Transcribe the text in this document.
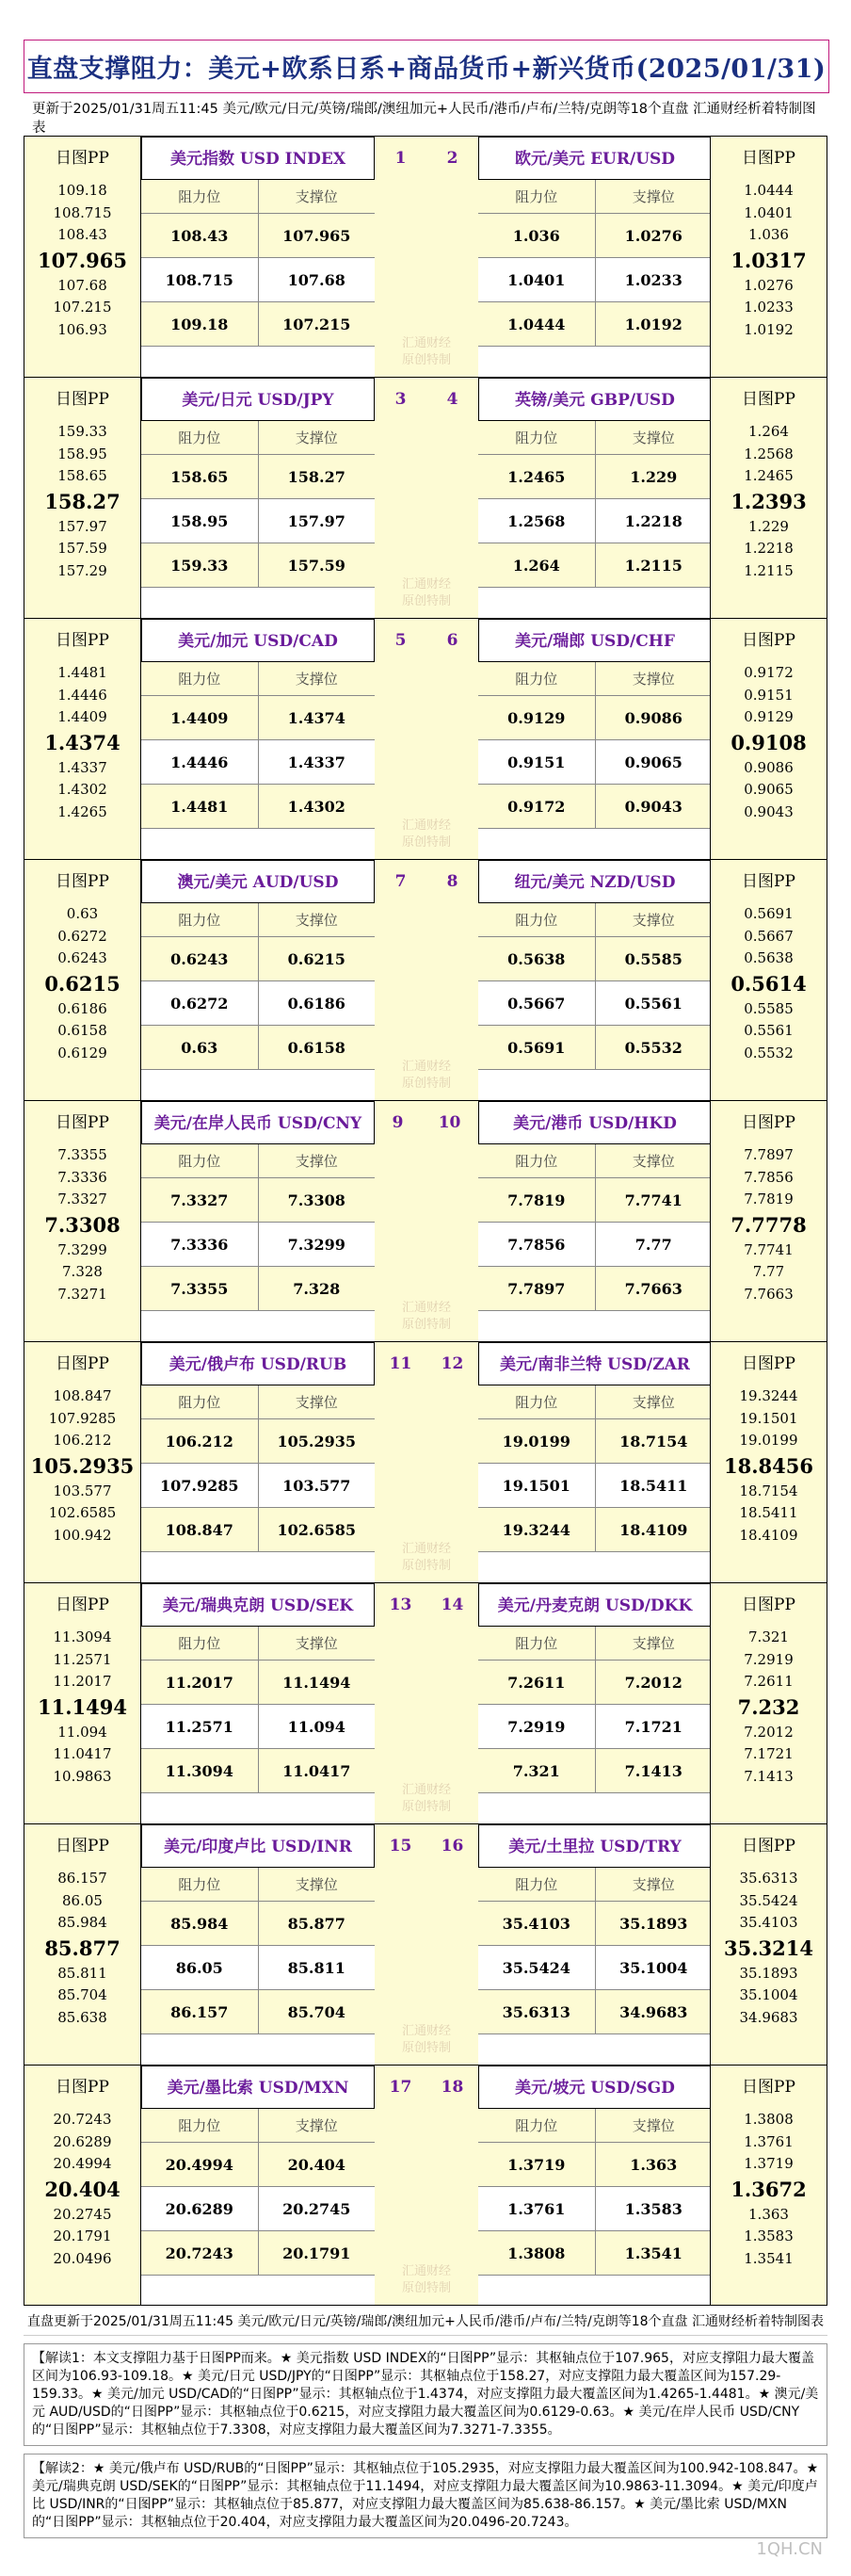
直盘支撑阻力：美元+欧系日系+商品货币+新兴货币(2025/01/31)
更新于2025/01/31周五11:45 美元/欧元/日元/英镑/瑞郎/澳纽加元+人民币/港币/卢布/兰特/克朗等18个直盘 汇通财经析着特制图表
日图PP
109.18
108.715
108.43
107.965
107.68
107.215
106.93
美元指数 USD INDEX
阻力位	支撑位
108.43	107.965
108.715	107.68
109.18	107.215
1	2
汇通财经
原创特制
欧元/美元 EUR/USD
阻力位	支撑位
1.036	1.0276
1.0401	1.0233
1.0444	1.0192
日图PP
1.0444
1.0401
1.036
1.0317
1.0276
1.0233
1.0192
日图PP
159.33
158.95
158.65
158.27
157.97
157.59
157.29
美元/日元 USD/JPY
阻力位	支撑位
158.65	158.27
158.95	157.97
159.33	157.59
3	4
汇通财经
原创特制
英镑/美元 GBP/USD
阻力位	支撑位
1.2465	1.229
1.2568	1.2218
1.264	1.2115
日图PP
1.264
1.2568
1.2465
1.2393
1.229
1.2218
1.2115
日图PP
1.4481
1.4446
1.4409
1.4374
1.4337
1.4302
1.4265
美元/加元 USD/CAD
阻力位	支撑位
1.4409	1.4374
1.4446	1.4337
1.4481	1.4302
5	6
汇通财经
原创特制
美元/瑞郎 USD/CHF
阻力位	支撑位
0.9129	0.9086
0.9151	0.9065
0.9172	0.9043
日图PP
0.9172
0.9151
0.9129
0.9108
0.9086
0.9065
0.9043
日图PP
0.63
0.6272
0.6243
0.6215
0.6186
0.6158
0.6129
澳元/美元 AUD/USD
阻力位	支撑位
0.6243	0.6215
0.6272	0.6186
0.63	0.6158
7	8
汇通财经
原创特制
纽元/美元 NZD/USD
阻力位	支撑位
0.5638	0.5585
0.5667	0.5561
0.5691	0.5532
日图PP
0.5691
0.5667
0.5638
0.5614
0.5585
0.5561
0.5532
日图PP
7.3355
7.3336
7.3327
7.3308
7.3299
7.328
7.3271
美元/在岸人民币 USD/CNY
阻力位	支撑位
7.3327	7.3308
7.3336	7.3299
7.3355	7.328
9 10
汇通财经
原创特制
美元/港币 USD/HKD
阻力位	支撑位
7.7819	7.7741
7.7856	7.77
7.7897	7.7663
日图PP
7.7897
7.7856
7.7819
7.7778
7.7741
7.77
7.7663
日图PP
108.847
107.9285
106.212
105.2935
103.577
102.6585
100.942
美元/俄卢布 USD/RUB
阻力位	支撑位
106.212	105.2935
107.9285	103.577
108.847	102.6585
11 12
汇通财经
原创特制
美元/南非兰特 USD/ZAR
阻力位	支撑位
19.0199	18.7154
19.1501	18.5411
19.3244	18.4109
日图PP
19.3244
19.1501
19.0199
18.8456
18.7154
18.5411
18.4109
日图PP
11.3094
11.2571
11.2017
11.1494
11.094
11.0417
10.9863
美元/瑞典克朗 USD/SEK
阻力位	支撑位
11.2017	11.1494
11.2571	11.094
11.3094	11.0417
13 14
汇通财经
原创特制
美元/丹麦克朗 USD/DKK
阻力位	支撑位
7.2611	7.2012
7.2919	7.1721
7.321	7.1413
日图PP
7.321
7.2919
7.2611
7.232
7.2012
7.1721
7.1413
日图PP
86.157
86.05
85.984
85.877
85.811
85.704
85.638
美元/印度卢比 USD/INR
阻力位	支撑位
85.984	85.877
86.05	85.811
86.157	85.704
15 16
汇通财经
原创特制
美元/土里拉 USD/TRY
阻力位	支撑位
35.4103	35.1893
35.5424	35.1004
35.6313	34.9683
日图PP
35.6313
35.5424
35.4103
35.3214
35.1893
35.1004
34.9683
日图PP
20.7243
20.6289
20.4994
20.404
20.2745
20.1791
20.0496
美元/墨比索 USD/MXN
阻力位	支撑位
20.4994	20.404
20.6289	20.2745
20.7243	20.1791
17 18
汇通财经
原创特制
美元/坡元 USD/SGD
阻力位	支撑位
1.3719	1.363
1.3761	1.3583
1.3808	1.3541
日图PP
1.3808
1.3761
1.3719
1.3672
1.363
1.3583
1.3541
直盘更新于2025/01/31周五11:45 美元/欧元/日元/英镑/瑞郎/澳纽加元+人民币/港币/卢布/兰特/克朗等18个直盘 汇通财经析着特制图表
【解读1：本文支撑阻力基于日图PP而来。★ 美元指数 USD INDEX的“日图PP”显示：其枢轴点位于107.965，对应支撑阻力最大覆盖区间为106.93-109.18。★ 美元/日元 USD/JPY的“日图PP”显示：其枢轴点位于158.27，对应支撑阻力最大覆盖区间为157.29-159.33。★ 美元/加元 USD/CAD的“日图PP”显示：其枢轴点位于1.4374，对应支撑阻力最大覆盖区间为1.4265-1.4481。★ 澳元/美元 AUD/USD的“日图PP”显示：其枢轴点位于0.6215，对应支撑阻力最大覆盖区间为0.6129-0.63。★ 美元/在岸人民币 USD/CNY的“日图PP”显示：其枢轴点位于7.3308，对应支撑阻力最大覆盖区间为7.3271-7.3355。
【解读2：★ 美元/俄卢布 USD/RUB的“日图PP”显示：其枢轴点位于105.2935，对应支撑阻力最大覆盖区间为100.942-108.847。★ 美元/瑞典克朗 USD/SEK的“日图PP”显示：其枢轴点位于11.1494，对应支撑阻力最大覆盖区间为10.9863-11.3094。★ 美元/印度卢比 USD/INR的“日图PP”显示：其枢轴点位于85.877，对应支撑阻力最大覆盖区间为85.638-86.157。★ 美元/墨比索 USD/MXN的“日图PP”显示：其枢轴点位于20.404，对应支撑阻力最大覆盖区间为20.0496-20.7243。
1QH.CN
